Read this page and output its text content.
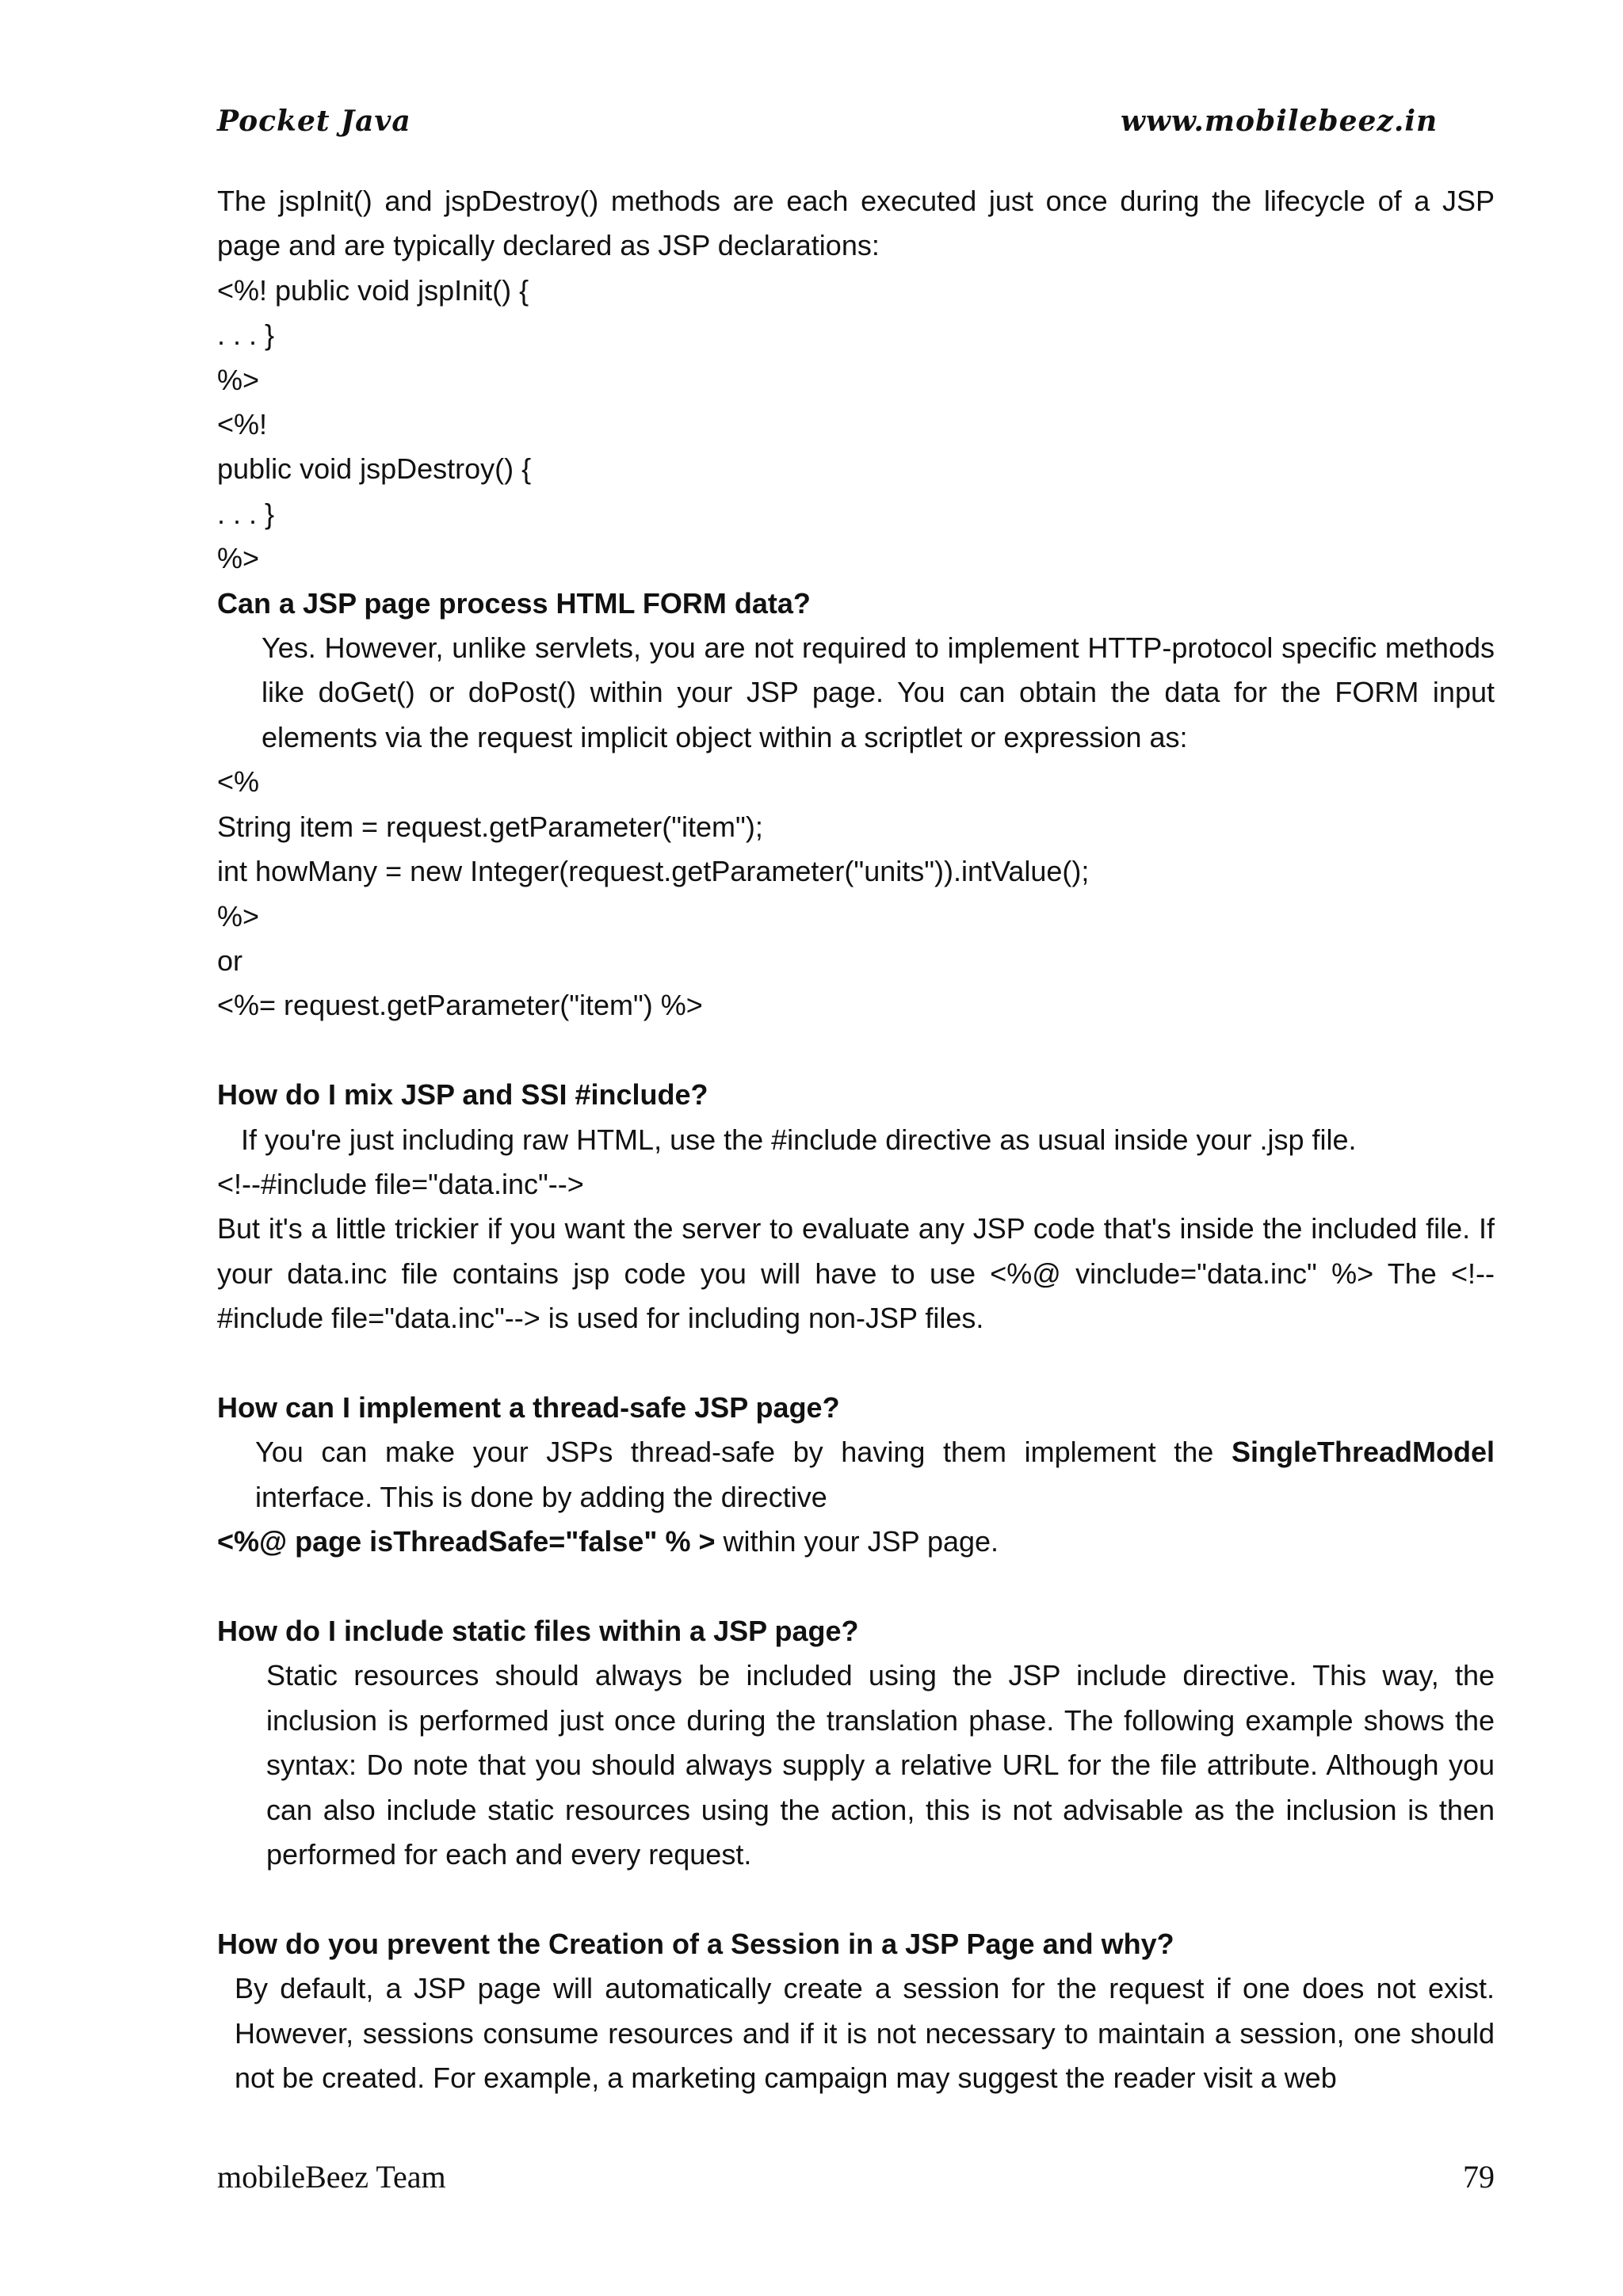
Pocket Java	www.mobilebeez.in

The jspInit() and jspDestroy() methods are each executed just once during the lifecycle of a JSP page and are typically declared as JSP declarations:

<%! public void jspInit() {

. . . }

%>

<%!

public void jspDestroy() {

. . . }

%>

Can a JSP page process HTML FORM data?

Yes. However, unlike servlets, you are not required to implement HTTP-protocol specific methods like doGet() or doPost() within your JSP page. You can obtain the data for the FORM input elements via the request implicit object within a scriptlet or expression as:

<%

String item = request.getParameter("item");

int howMany = new Integer(request.getParameter("units")).intValue();

%>

or

<%= request.getParameter("item") %>

How do I mix JSP and SSI #include?

If you're just including raw HTML, use the #include directive as usual inside your .jsp file.

<!--#include file="data.inc"-->

But it's a little trickier if you want the server to evaluate any JSP code that's inside the included file. If your data.inc file contains jsp code you will have to use <%@ vinclude="data.inc" %> The <!--#include file="data.inc"--> is used for including non-JSP files.

How can I implement a thread-safe JSP page?

You can make your JSPs thread-safe by having them implement the SingleThreadModel interface. This is done by adding the directive

<%@ page isThreadSafe="false" % > within your JSP page.

How do I include static files within a JSP page?

Static resources should always be included using the JSP include directive. This way, the inclusion is performed just once during the translation phase. The following example shows the syntax: Do note that you should always supply a relative URL for the file attribute. Although you can also include static resources using the action, this is not advisable as the inclusion is then performed for each and every request.

How do you prevent the Creation of a Session in a JSP Page and why?

By default, a JSP page will automatically create a session for the request if one does not exist. However, sessions consume resources and if it is not necessary to maintain a session, one should not be created. For example, a marketing campaign may suggest the reader visit a web

mobileBeez Team	79
